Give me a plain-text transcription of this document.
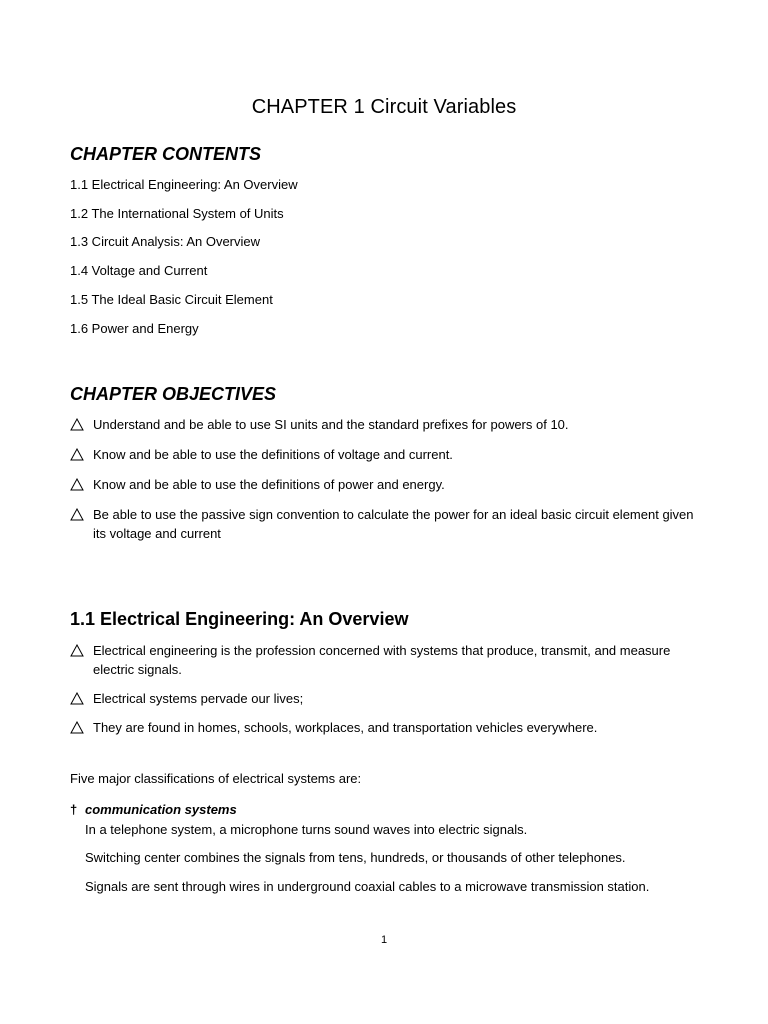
CHAPTER 1 Circuit Variables
CHAPTER CONTENTS
1.1 Electrical Engineering: An Overview
1.2 The International System of Units
1.3 Circuit Analysis: An Overview
1.4 Voltage and Current
1.5 The Ideal Basic Circuit Element
1.6 Power and Energy
CHAPTER OBJECTIVES
Understand and be able to use SI units and the standard prefixes for powers of 10.
Know and be able to use the definitions of voltage and current.
Know and be able to use the definitions of power and energy.
Be able to use the passive sign convention to calculate the power for an ideal basic circuit element given its voltage and current
1.1 Electrical Engineering: An Overview
Electrical engineering is the profession concerned with systems that produce, transmit, and measure electric signals.
Electrical systems pervade our lives;
They are found in homes, schools, workplaces, and transportation vehicles everywhere.
Five major classifications of electrical systems are:
† communication systems
In a telephone system, a microphone turns sound waves into electric signals.
Switching center combines the signals from tens, hundreds, or thousands of other telephones.
Signals are sent through wires in underground coaxial cables to a microwave transmission station.
1
